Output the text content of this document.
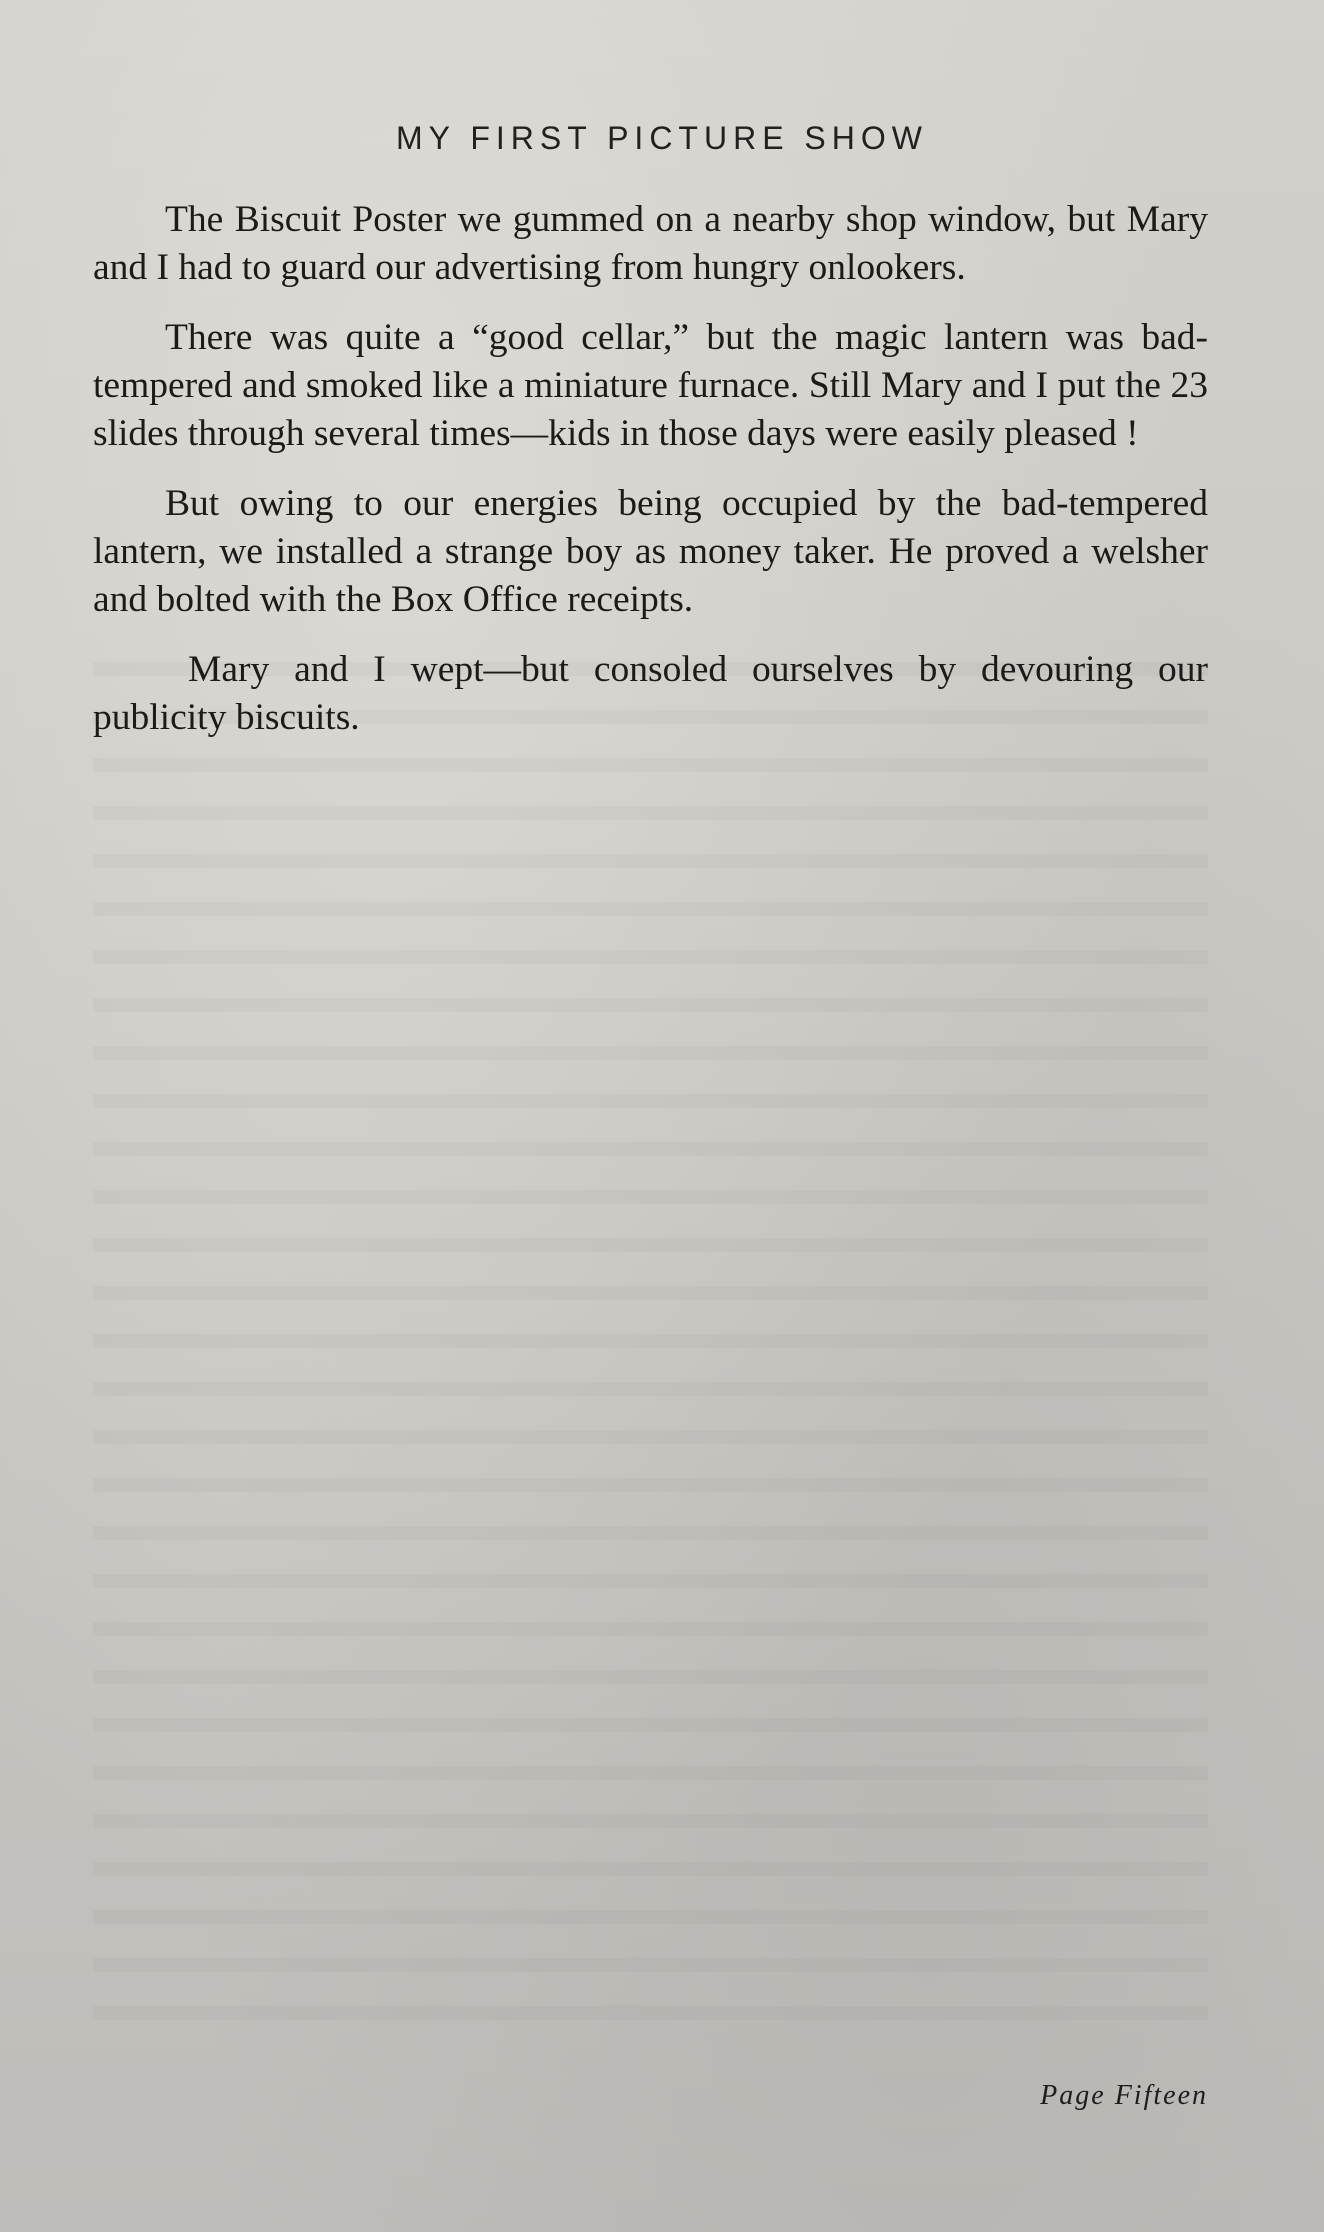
MY FIRST PICTURE SHOW

The Biscuit Poster we gummed on a nearby shop window, but Mary and I had to guard our advertising from hungry onlookers.

There was quite a “good cellar,” but the magic lantern was bad-tempered and smoked like a miniature furnace. Still Mary and I put the 23 slides through several times—kids in those days were easily pleased !

But owing to our energies being occupied by the bad-tempered lantern, we installed a strange boy as money taker. He proved a welsher and bolted with the Box Office receipts.

Mary and I wept—but consoled ourselves by devouring our publicity biscuits.

Page Fifteen
